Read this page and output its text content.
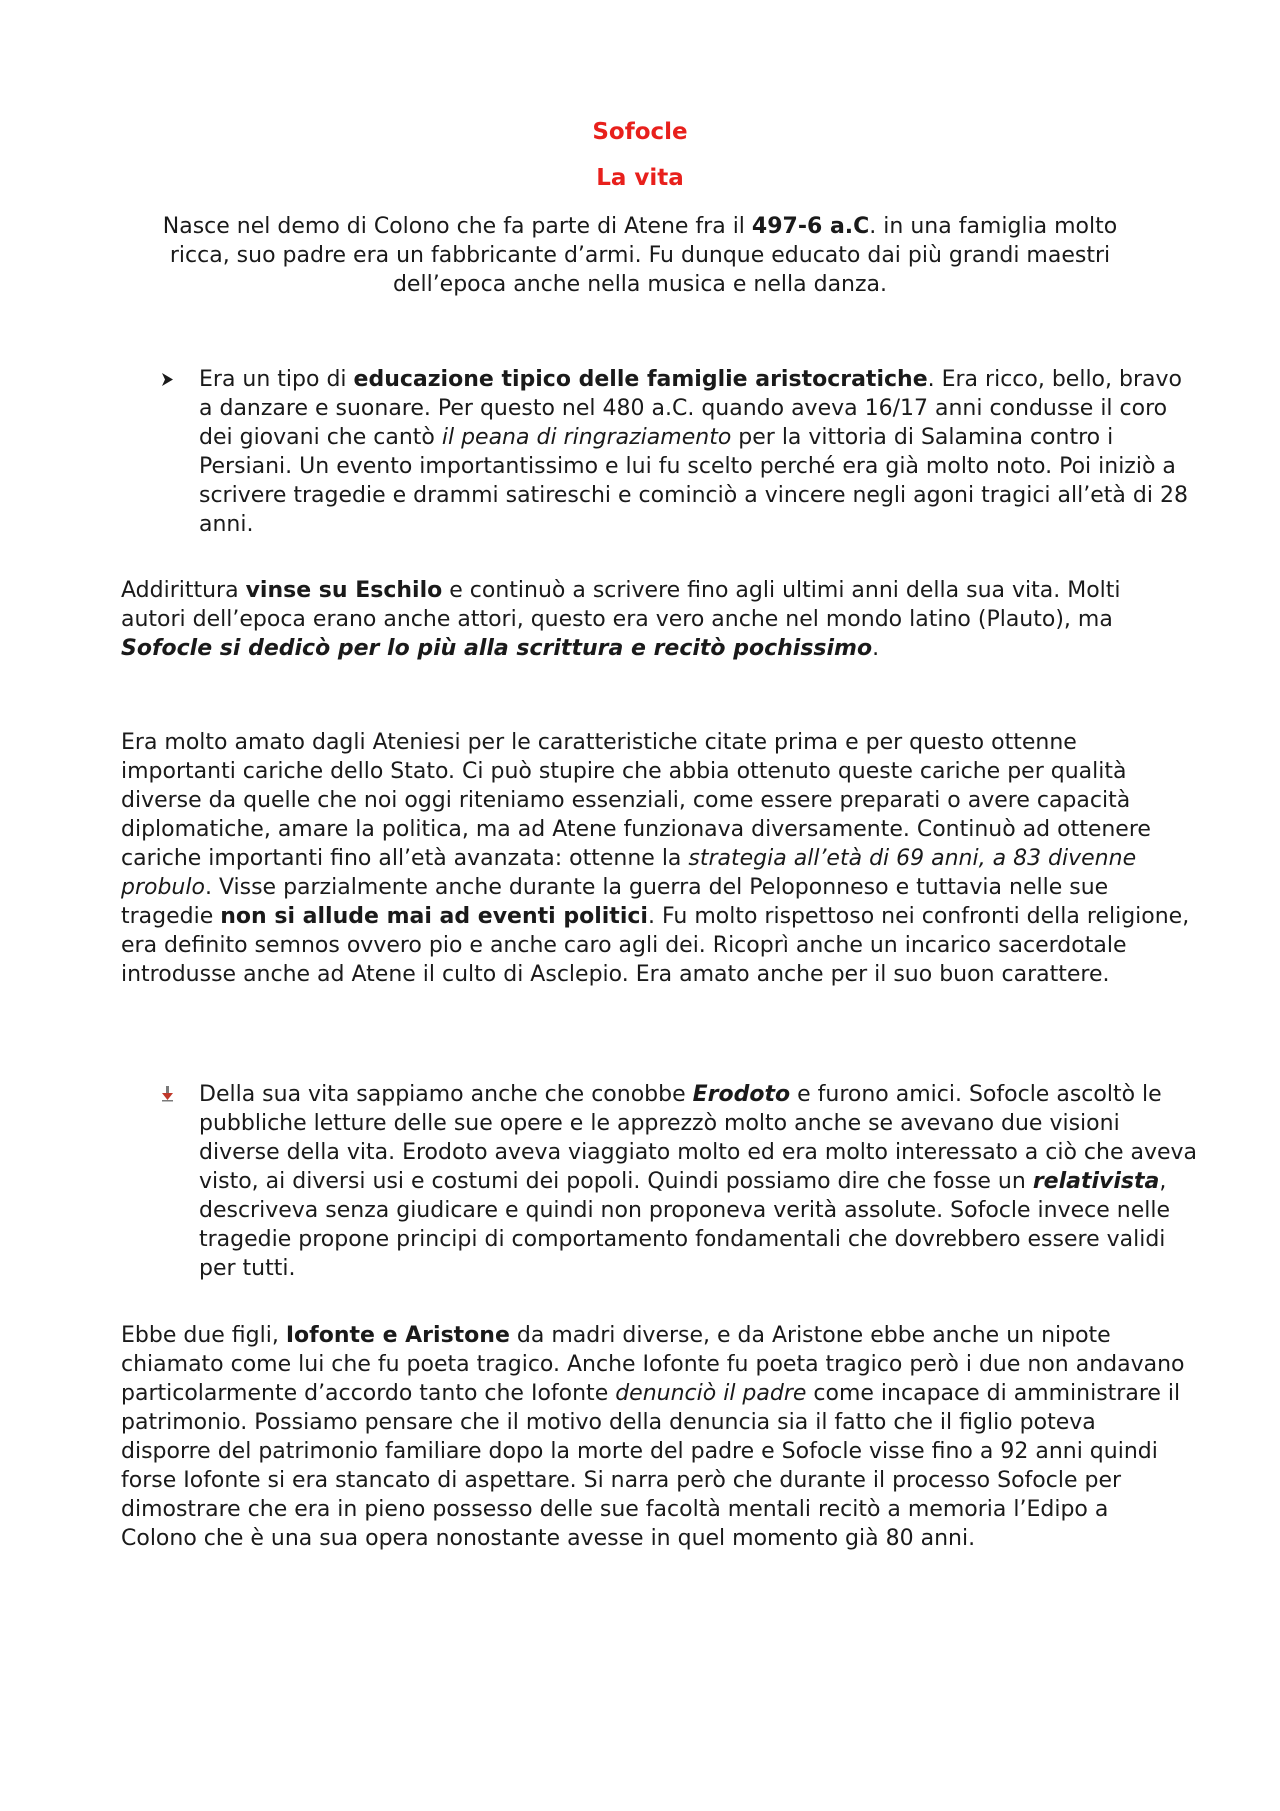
Sofocle
La vita

Nasce nel demo di Colono che fa parte di Atene fra il 497-6 a.C. in una famiglia molto ricca, suo padre era un fabbricante d’armi. Fu dunque educato dai più grandi maestri dell’epoca anche nella musica e nella danza.

Era un tipo di educazione tipico delle famiglie aristocratiche. Era ricco, bello, bravo a danzare e suonare. Per questo nel 480 a.C. quando aveva 16/17 anni condusse il coro dei giovani che cantò il peana di ringraziamento per la vittoria di Salamina contro i Persiani. Un evento importantissimo e lui fu scelto perché era già molto noto. Poi iniziò a scrivere tragedie e drammi satireschi e cominciò a vincere negli agoni tragici all’età di 28 anni.

Addirittura vinse su Eschilo e continuò a scrivere fino agli ultimi anni della sua vita. Molti autori dell’epoca erano anche attori, questo era vero anche nel mondo latino (Plauto), ma Sofocle si dedicò per lo più alla scrittura e recitò pochissimo.

Era molto amato dagli Ateniesi per le caratteristiche citate prima e per questo ottenne importanti cariche dello Stato. Ci può stupire che abbia ottenuto queste cariche per qualità diverse da quelle che noi oggi riteniamo essenziali, come essere preparati o avere capacità diplomatiche, amare la politica, ma ad Atene funzionava diversamente. Continuò ad ottenere cariche importanti fino all’età avanzata: ottenne la strategia all’età di 69 anni, a 83 divenne probulo. Visse parzialmente anche durante la guerra del Peloponneso e tuttavia nelle sue tragedie non si allude mai ad eventi politici. Fu molto rispettoso nei confronti della religione, era definito semnos ovvero pio e anche caro agli dei. Ricoprì anche un incarico sacerdotale introdusse anche ad Atene il culto di Asclepio. Era amato anche per il suo buon carattere.

Della sua vita sappiamo anche che conobbe Erodoto e furono amici. Sofocle ascoltò le pubbliche letture delle sue opere e le apprezzò molto anche se avevano due visioni diverse della vita. Erodoto aveva viaggiato molto ed era molto interessato a ciò che aveva visto, ai diversi usi e costumi dei popoli. Quindi possiamo dire che fosse un relativista, descriveva senza giudicare e quindi non proponeva verità assolute. Sofocle invece nelle tragedie propone principi di comportamento fondamentali che dovrebbero essere validi per tutti.

Ebbe due figli, Iofonte e Aristone da madri diverse, e da Aristone ebbe anche un nipote chiamato come lui che fu poeta tragico. Anche Iofonte fu poeta tragico però i due non andavano particolarmente d’accordo tanto che Iofonte denunciò il padre come incapace di amministrare il patrimonio. Possiamo pensare che il motivo della denuncia sia il fatto che il figlio poteva disporre del patrimonio familiare dopo la morte del padre e Sofocle visse fino a 92 anni quindi forse Iofonte si era stancato di aspettare. Si narra però che durante il processo Sofocle per dimostrare che era in pieno possesso delle sue facoltà mentali recitò a memoria l’Edipo a Colono che è una sua opera nonostante avesse in quel momento già 80 anni.
